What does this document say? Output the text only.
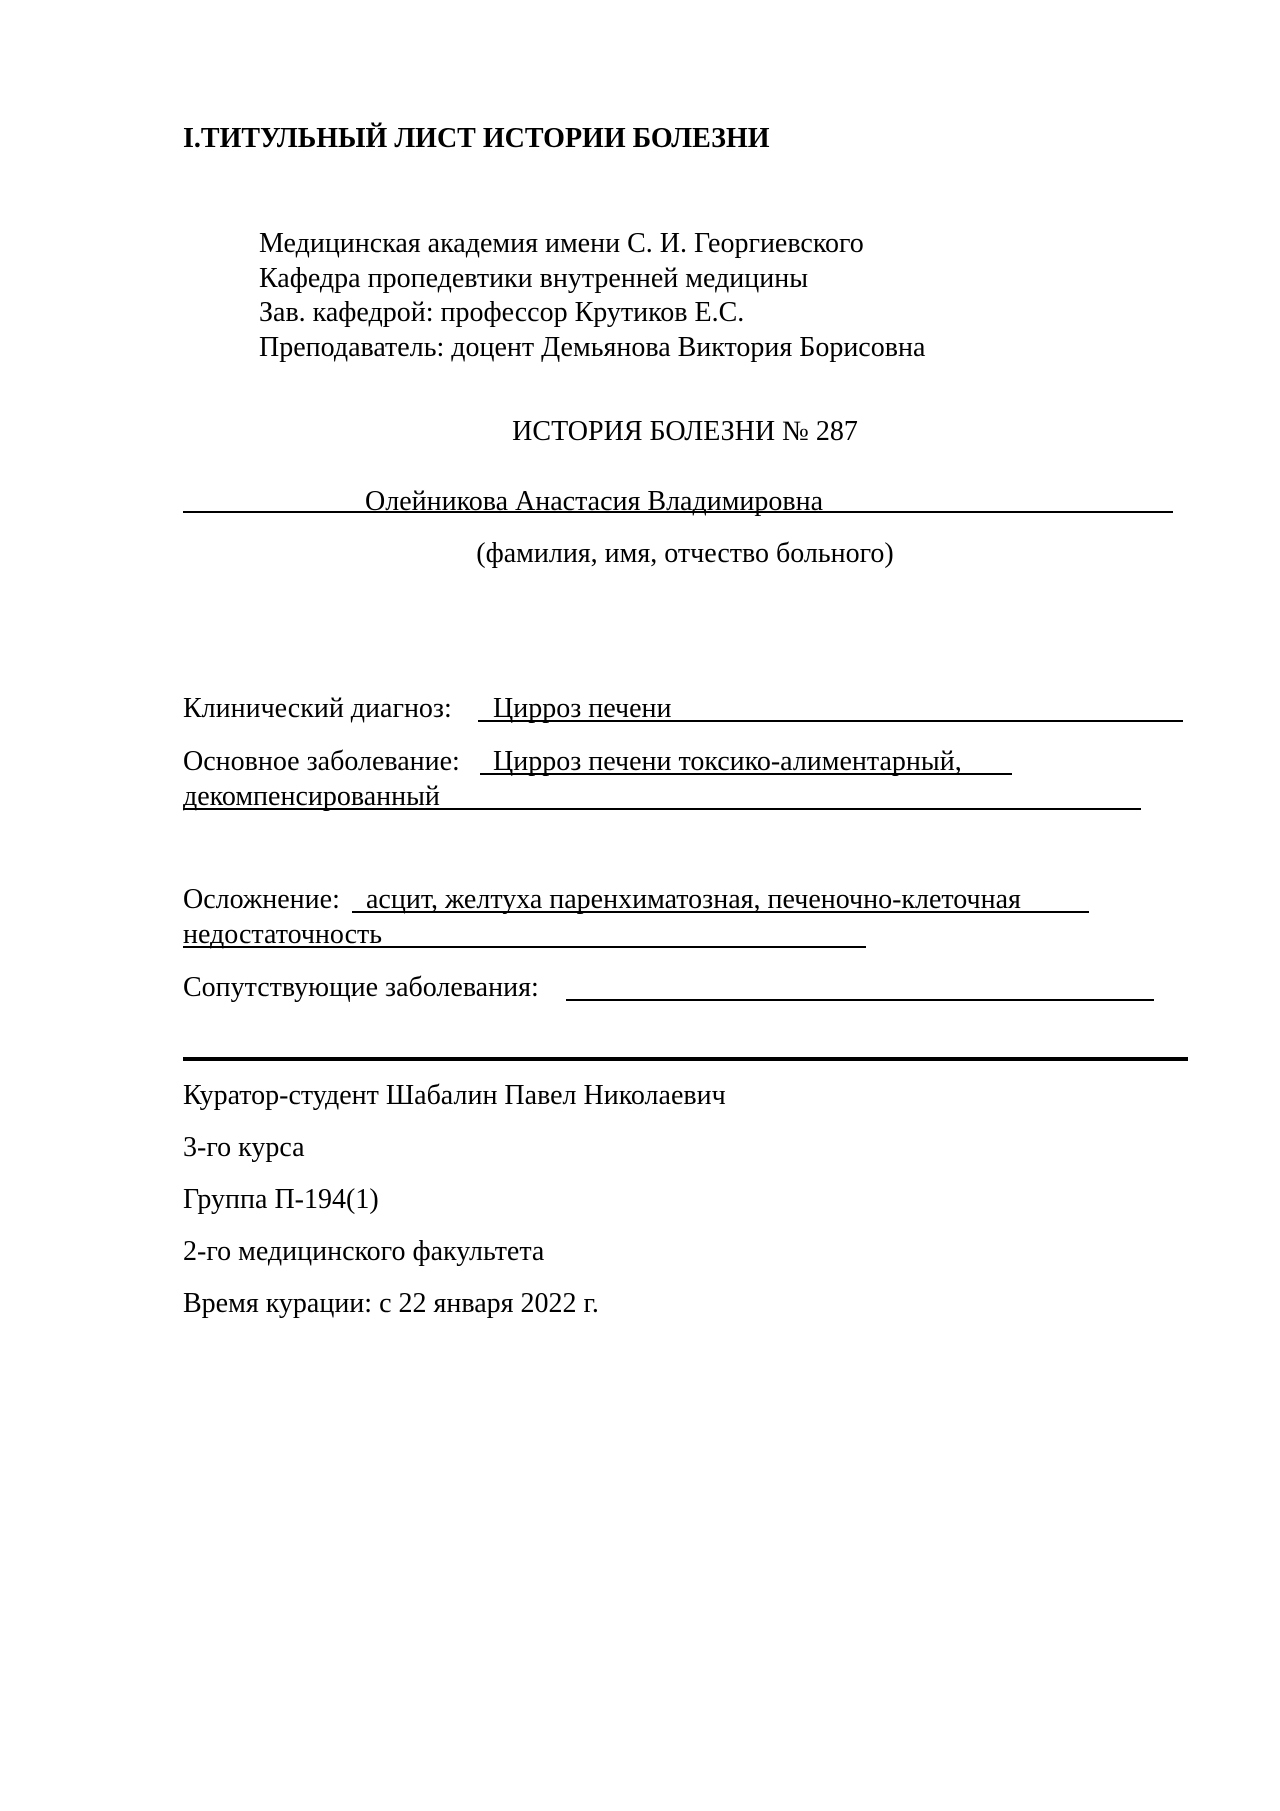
I.ТИТУЛЬНЫЙ ЛИСТ ИСТОРИИ БОЛЕЗНИ
Медицинская академия имени С. И. Георгиевского
Кафедра пропедевтики внутренней медицины
Зав. кафедрой: профессор Крутиков Е.С.
Преподаватель: доцент Демьянова Виктория Борисовна
ИСТОРИЯ БОЛЕЗНИ № 287
Олейникова Анастасия Владимировна
(фамилия, имя, отчество больного)
Клинический диагноз: Цирроз печени
Основное заболевание: Цирроз печени токсико-алиментарный,
декомпенсированный
Осложнение: асцит, желтуха паренхиматозная, печеночно-клеточная
недостаточность
Сопутствующие заболевания:
Куратор-студент Шабалин Павел Николаевич
3-го курса
Группа П-194(1)
2-го медицинского факультета
Время курации: с 22 января 2022 г.
